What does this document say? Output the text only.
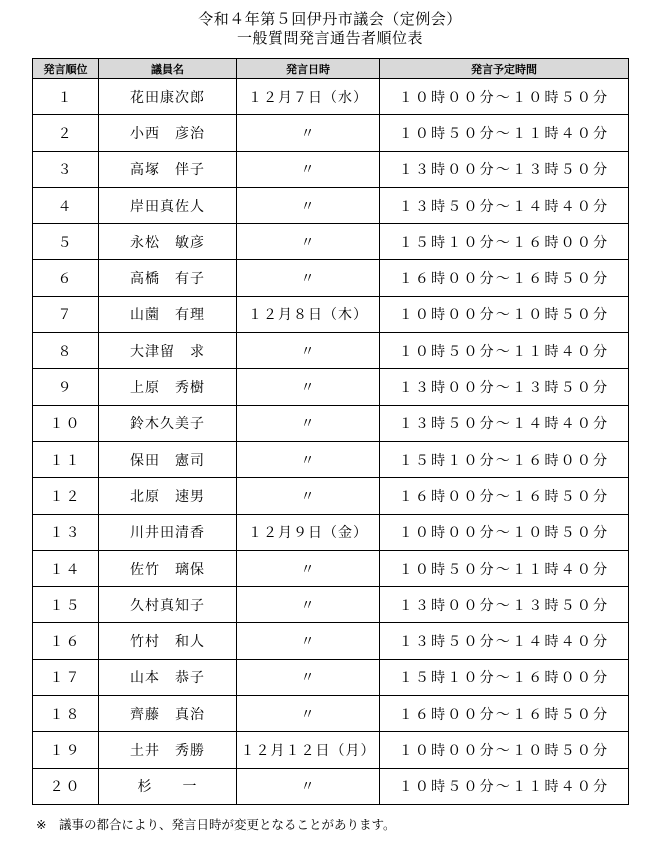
令和４年第５回伊丹市議会（定例会）
一般質問発言通告者順位表
発言順位	議員名	発言日時	発言予定時間
１	花田康次郎	１２月７日（水）	１０時００分～１０時５０分
２	小西　彦治	〃	１０時５０分～１１時４０分
３	高塚　伴子	〃	１３時００分～１３時５０分
４	岸田真佐人	〃	１３時５０分～１４時４０分
５	永松　敏彦	〃	１５時１０分～１６時００分
６	高橋　有子	〃	１６時００分～１６時５０分
７	山薗　有理	１２月８日（木）	１０時００分～１０時５０分
８	大津留　求	〃	１０時５０分～１１時４０分
９	上原　秀樹	〃	１３時００分～１３時５０分
１０	鈴木久美子	〃	１３時５０分～１４時４０分
１１	保田　憲司	〃	１５時１０分～１６時００分
１２	北原　速男	〃	１６時００分～１６時５０分
１３	川井田清香	１２月９日（金）	１０時００分～１０時５０分
１４	佐竹　璃保	〃	１０時５０分～１１時４０分
１５	久村真知子	〃	１３時００分～１３時５０分
１６	竹村　和人	〃	１３時５０分～１４時４０分
１７	山本　恭子	〃	１５時１０分～１６時００分
１８	齊藤　真治	〃	１６時００分～１６時５０分
１９	土井　秀勝	１２月１２日（月）	１０時００分～１０時５０分
２０	杉　　一	〃	１０時５０分～１１時４０分
※　議事の都合により、発言日時が変更となることがあります。
